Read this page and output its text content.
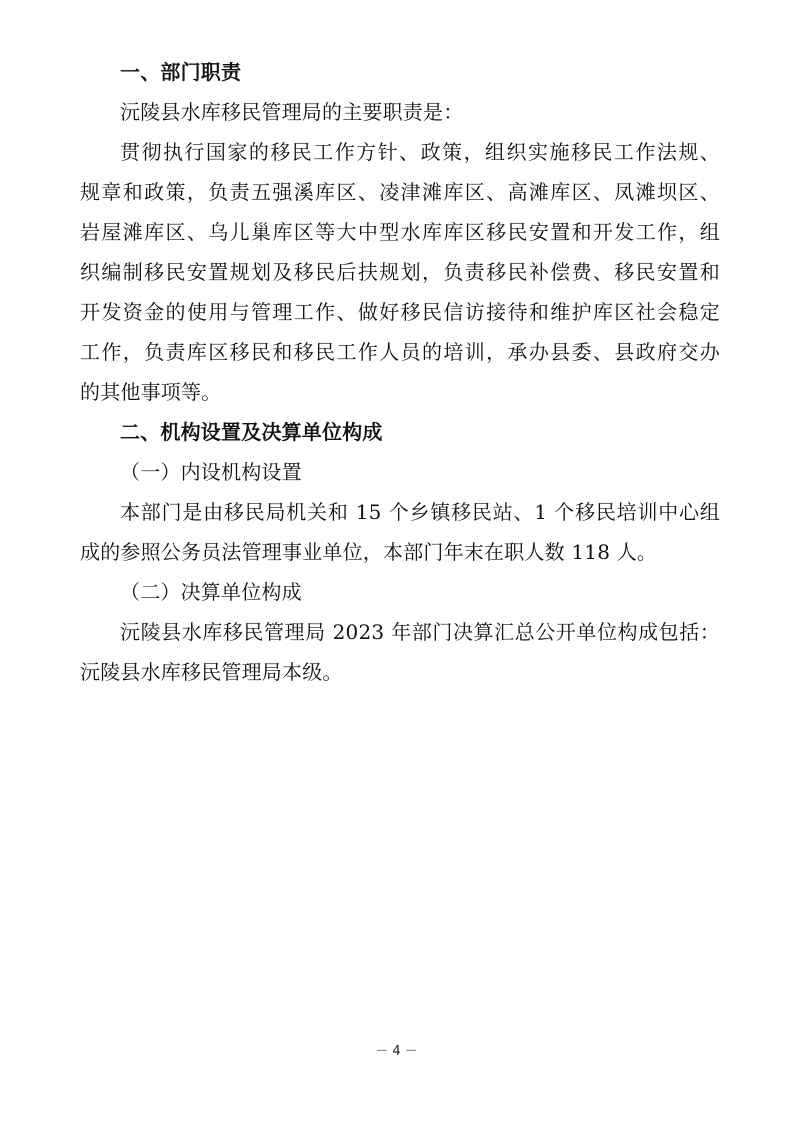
一、部门职责
沅陵县水库移民管理局的主要职责是：
贯彻执行国家的移民工作方针、政策，组织实施移民工作法规、
规章和政策，负责五强溪库区、凌津滩库区、高滩库区、凤滩坝区、
岩屋滩库区、乌儿巢库区等大中型水库库区移民安置和开发工作，组
织编制移民安置规划及移民后扶规划，负责移民补偿费、移民安置和
开发资金的使用与管理工作、做好移民信访接待和维护库区社会稳定
工作，负责库区移民和移民工作人员的培训，承办县委、县政府交办
的其他事项等。
二、机构设置及决算单位构成
（一）内设机构设置
本部门是由移民局机关和 15 个乡镇移民站、1 个移民培训中心组
成的参照公务员法管理事业单位，本部门年末在职人数 118 人。
（二）决算单位构成
沅陵县水库移民管理局 2023 年部门决算汇总公开单位构成包括：
沅陵县水库移民管理局本级。
－ 4 －
